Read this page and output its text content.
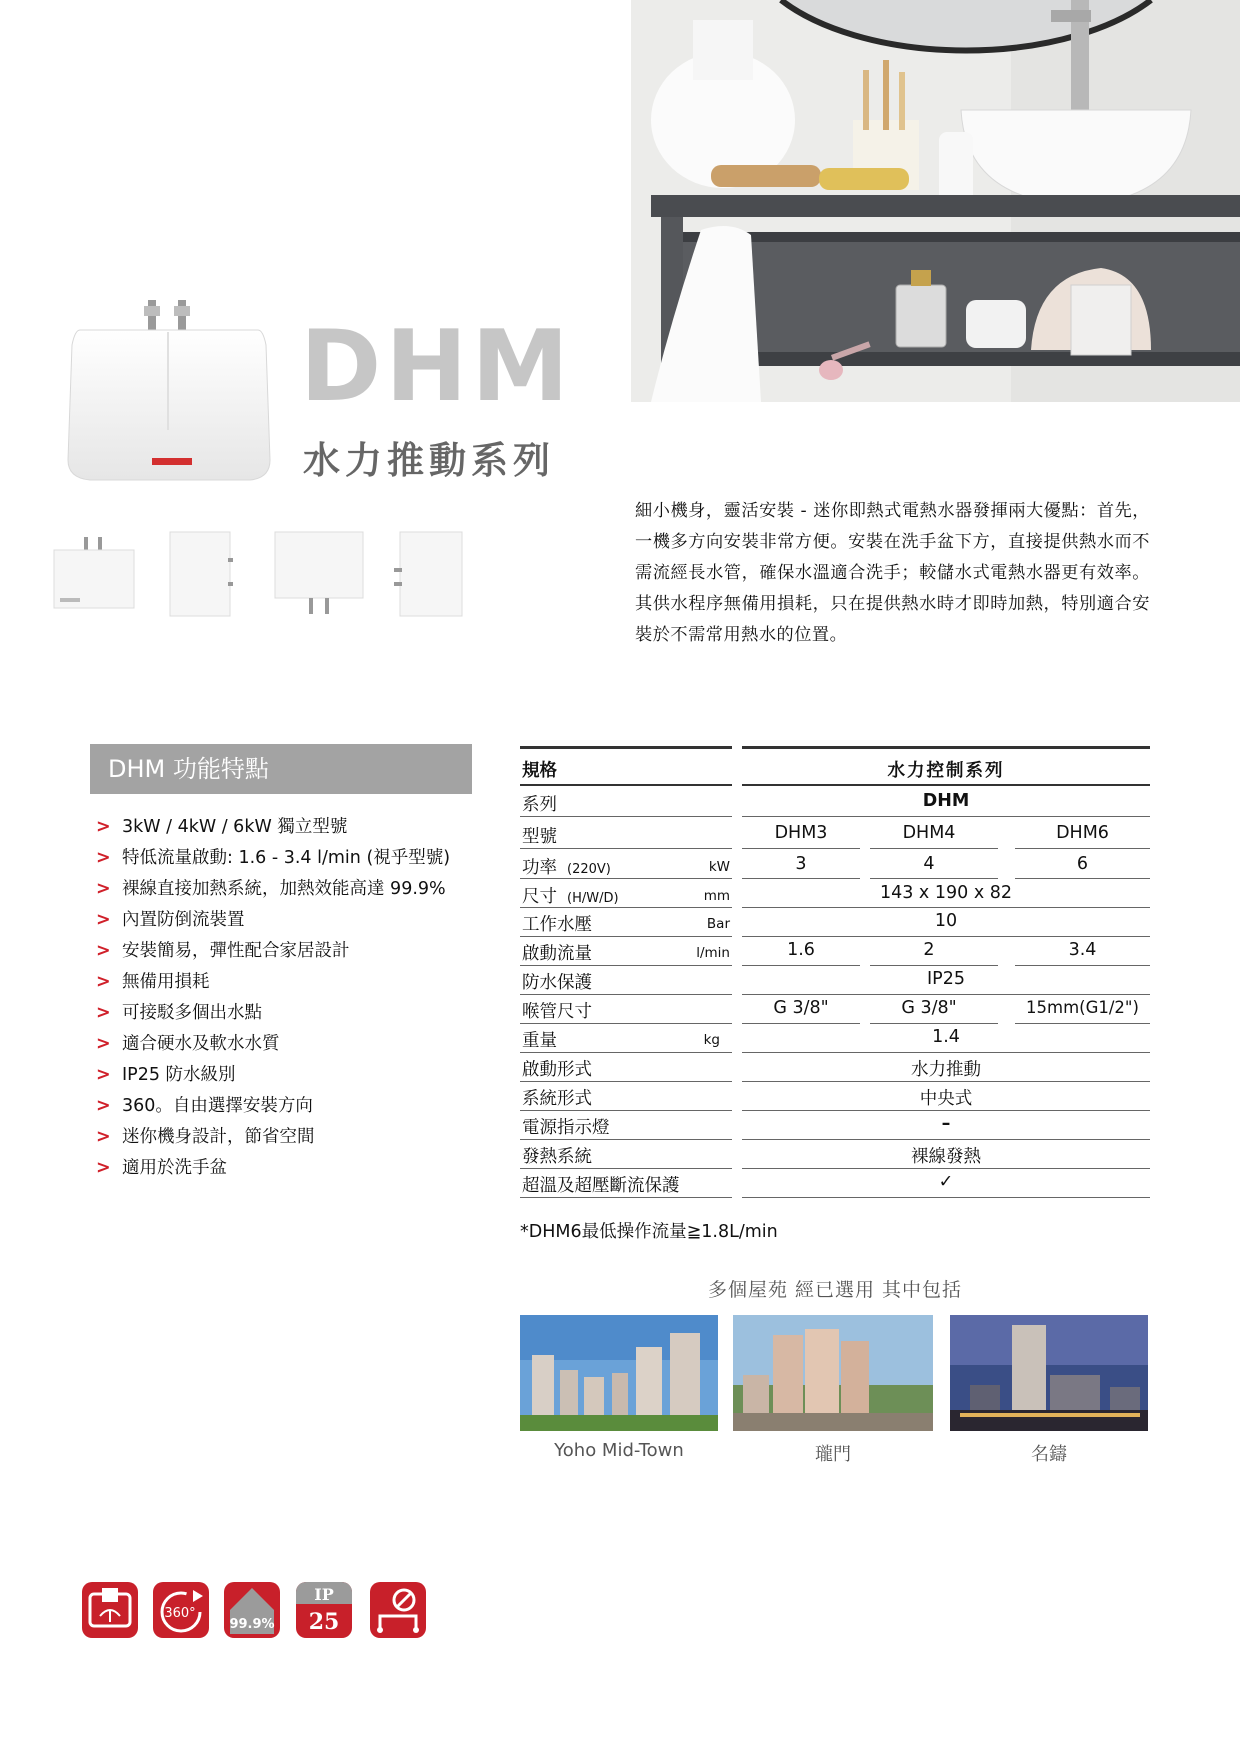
DHM
水力推動系列
細小機身，靈活安裝 - 迷你即熱式電熱水器發揮兩大優點：首先，一機多方向安裝非常方便。安裝在洗手盆下方，直接提供熱水而不需流經長水管，確保水溫適合洗手；較儲水式電熱水器更有效率。其供水程序無備用損耗，只在提供熱水時才即時加熱，特別適合安裝於不需常用熱水的位置。
DHM 功能特點
> 3kW / 4kW / 6kW 獨立型號
> 特低流量啟動: 1.6 - 3.4 l/min (視乎型號)
> 裸線直接加熱系統，加熱效能高達 99.9%
> 內置防倒流裝置
> 安裝簡易，彈性配合家居設計
> 無備用損耗
> 可接駁多個出水點
> 適合硬水及軟水水質
> IP25 防水級別
> 360。自由選擇安裝方向
> 迷你機身設計，節省空間
> 適用於洗手盆
規格	水力控制系列
系列	DHM
型號	DHM3	DHM4	DHM6
功率 (220V)	kW	3	4	6
尺寸 (H/W/D)	mm	143 x 190 x 82
工作水壓	Bar	10
啟動流量	l/min	1.6	2	3.4
防水保護	IP25
喉管尺寸	G 3/8"	G 3/8"	15mm(G1/2")
重量	kg	1.4
啟動形式	水力推動
系統形式	中央式
電源指示燈	–
發熱系統	裸線發熱
超溫及超壓斷流保護	✓
*DHM6最低操作流量≧1.8L/min
多個屋苑 經已選用 其中包括
Yoho Mid-Town	瓏門	名鑄
360°
99.9%
IP
25
